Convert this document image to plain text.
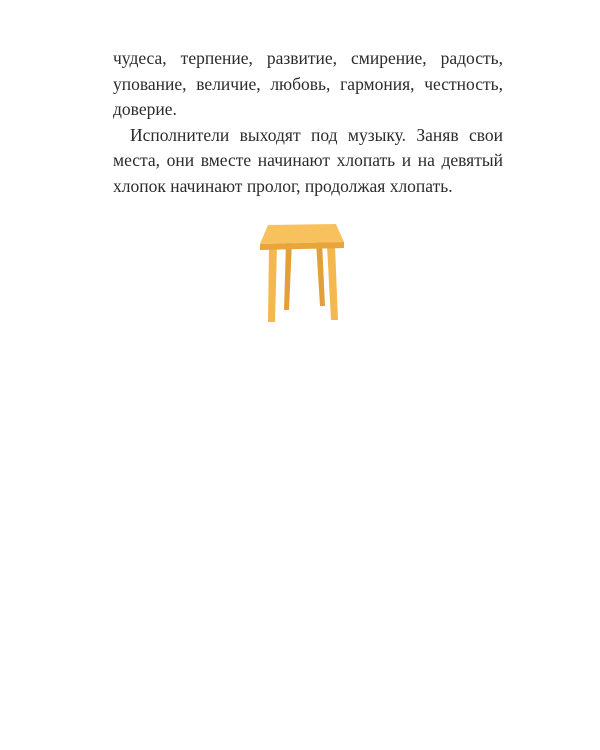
чудеса, терпение, развитие, смирение, радость, упование, величие, любовь, гармония, честность, доверие.

Исполнители выходят под музыку. Заняв свои места, они вместе начинают хлопать и на девятый хлопок начинают пролог, продолжая хлопать.
